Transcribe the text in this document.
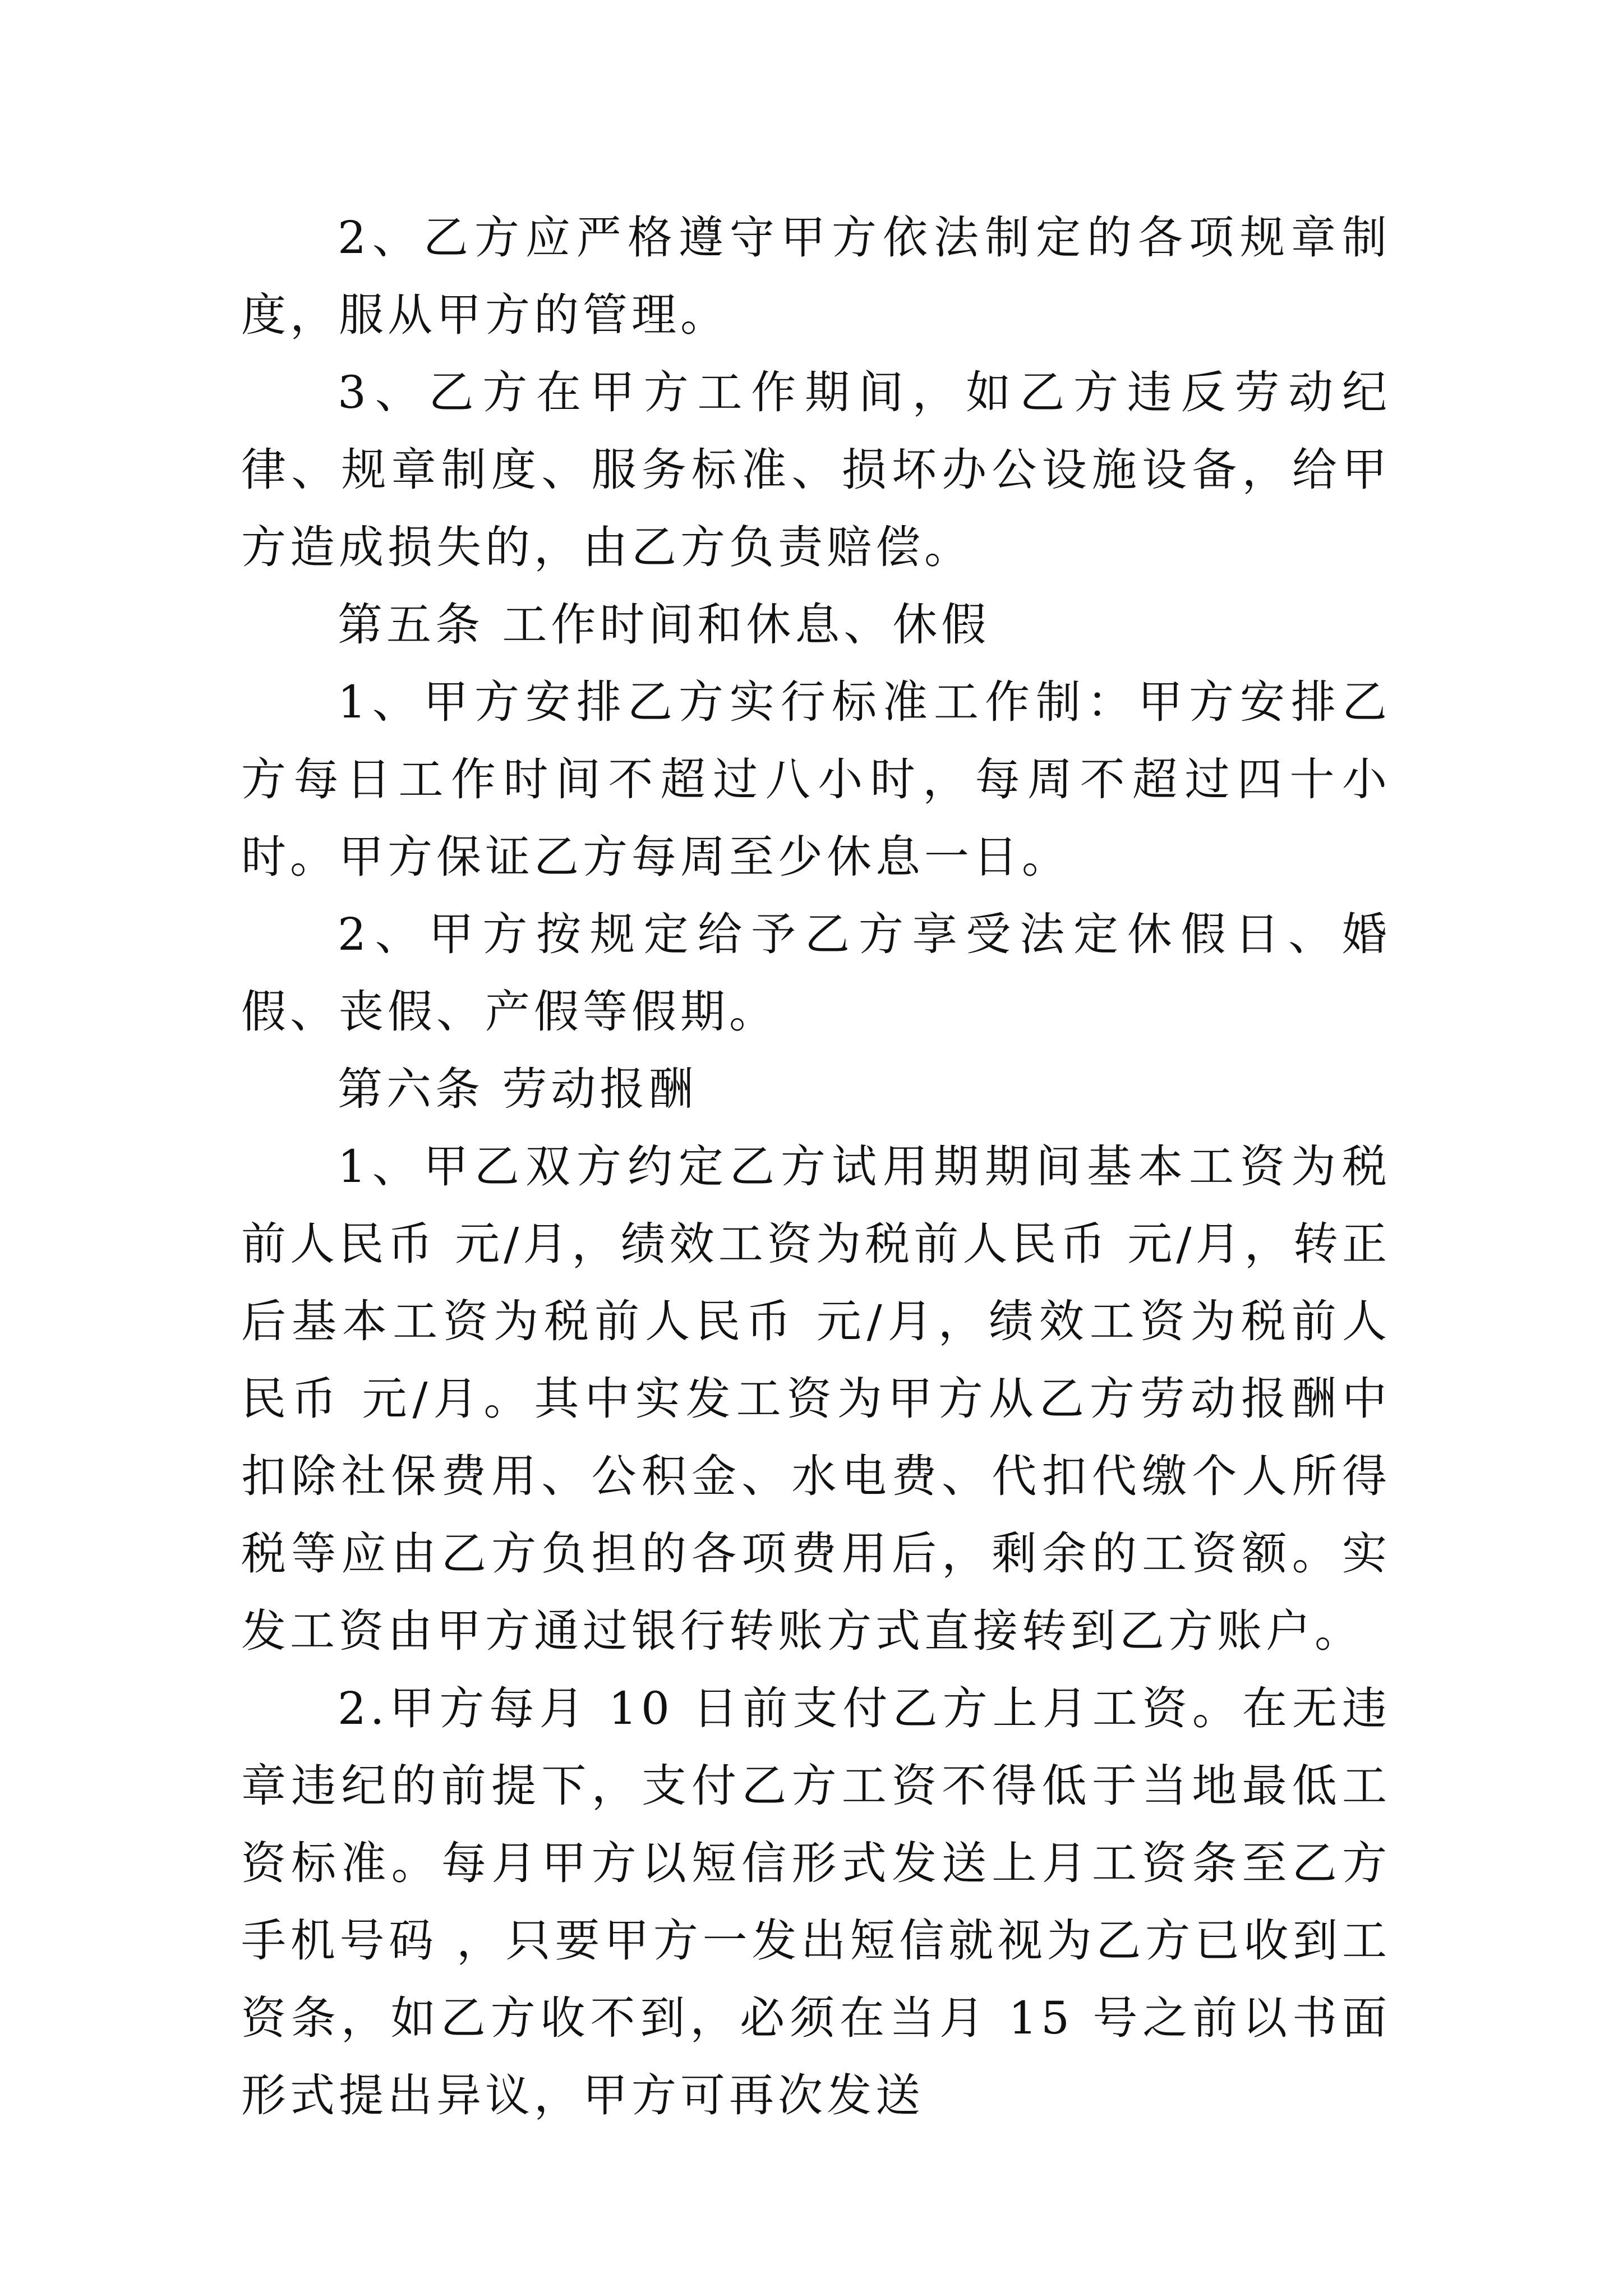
2、乙方应严格遵守甲方依法制定的各项规章制度，服从甲方的管理。

3、乙方在甲方工作期间，如乙方违反劳动纪律、规章制度、服务标准、损坏办公设施设备，给甲方造成损失的，由乙方负责赔偿。

第五条 工作时间和休息、休假

1、甲方安排乙方实行标准工作制：甲方安排乙方每日工作时间不超过八小时，每周不超过四十小时。甲方保证乙方每周至少休息一日。

2、甲方按规定给予乙方享受法定休假日、婚假、丧假、产假等假期。

第六条 劳动报酬

1、甲乙双方约定乙方试用期期间基本工资为税前人民币 元/月，绩效工资为税前人民币 元/月，转正后基本工资为税前人民币 元/月，绩效工资为税前人民币 元/月。其中实发工资为甲方从乙方劳动报酬中扣除社保费用、公积金、水电费、代扣代缴个人所得税等应由乙方负担的各项费用后，剩余的工资额。实发工资由甲方通过银行转账方式直接转到乙方账户。

2.甲方每月 10 日前支付乙方上月工资。在无违章违纪的前提下，支付乙方工资不得低于当地最低工资标准。每月甲方以短信形式发送上月工资条至乙方手机号码 ，只要甲方一发出短信就视为乙方已收到工资条，如乙方收不到，必须在当月 15 号之前以书面形式提出异议，甲方可再次发送
